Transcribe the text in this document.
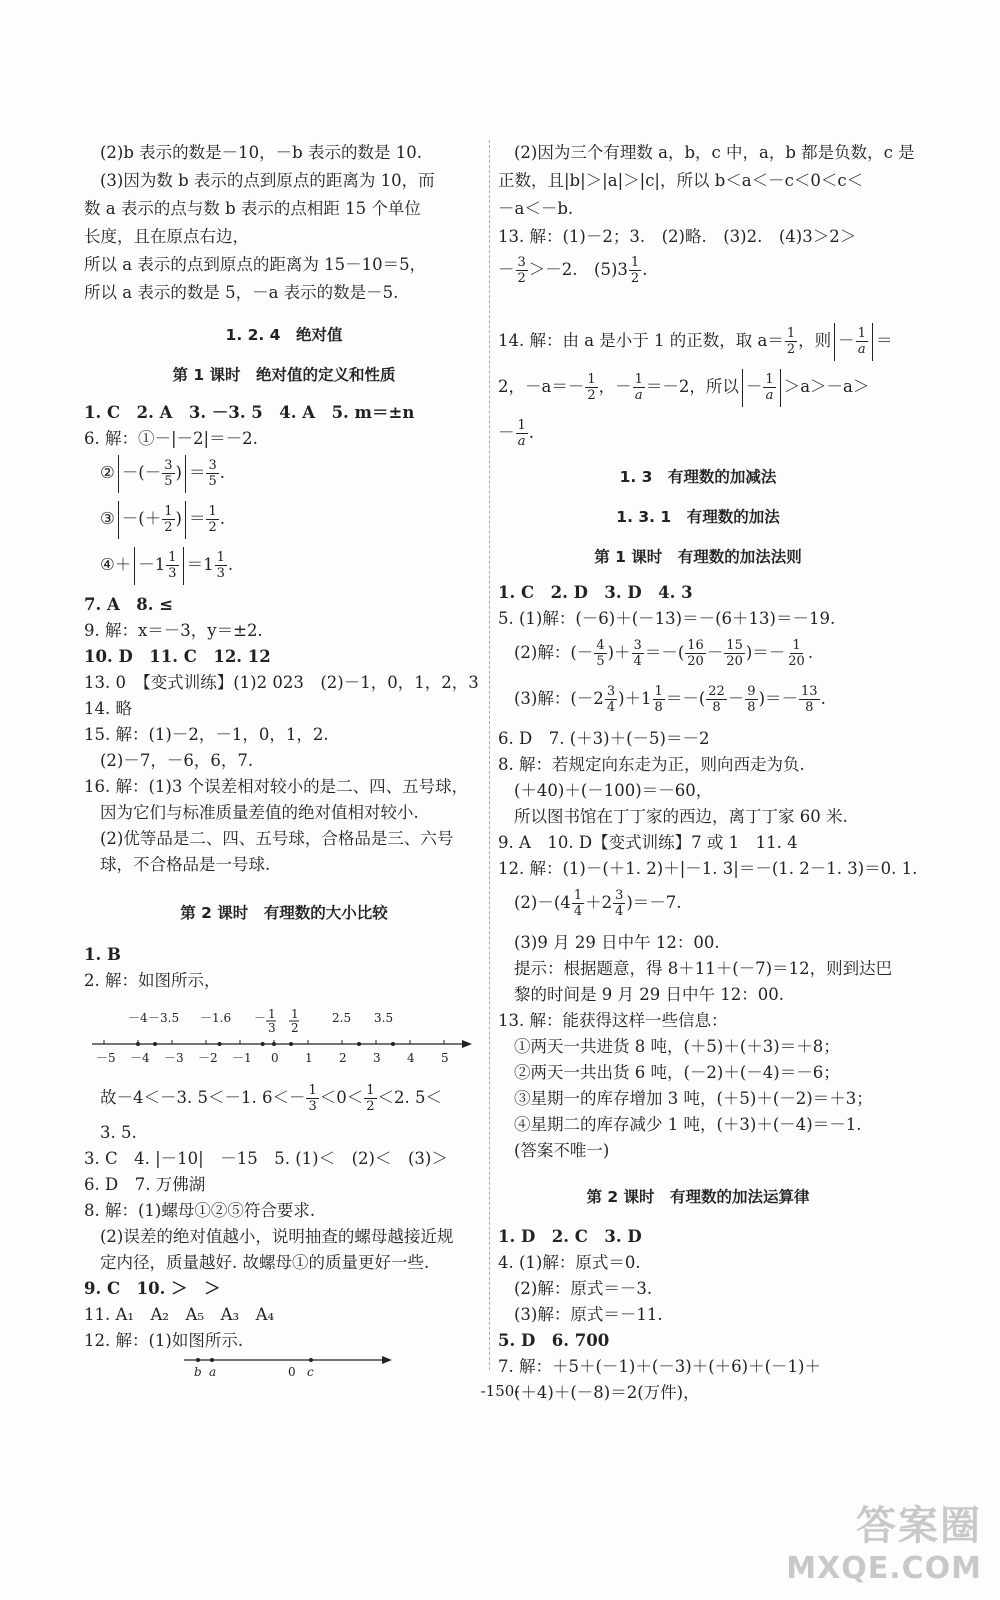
(2)b 表示的数是－10，－b 表示的数是 10.
(3)因为数 b 表示的点到原点的距离为 10，而
数 a 表示的点与数 b 表示的点相距 15 个单位
长度，且在原点右边，
所以 a 表示的点到原点的距离为 15－10＝5，
所以 a 表示的数是 5，－a 表示的数是－5.
1. 2. 4　绝对值
第 1 课时　绝对值的定义和性质
1. C　2. A　3. －3. 5　4. A　5. m＝±n
6. 解：①－|－2|＝－2.
② －(－ $\frac{3}{5}$ ) ＝ $\frac{3}{5}$ .
③ －(＋ $\frac{1}{2}$ ) ＝ $\frac{1}{2}$ .
④＋ $-1 \frac{1}{3} =1 \frac{1}{3}$ .
7. A　8. ≤
9. 解：x＝－3，y＝±2.
10. D　11. C　12. 12
13. 0　【变式训练】(1)2 023　(2)－1，0，1，2，3
14. 略
15. 解：(1)－2，－1，0，1，2.
(2)－7，－6，6，7.
16. 解：(1)3 个误差相对较小的是二、四、五号球，
因为它们与标准质量差值的绝对值相对较小.
(2)优等品是二、四、五号球，合格品是三、六号
球，不合格品是一号球.
第 2 课时　有理数的大小比较
1. B
2. 解：如图所示，
－5 －4 －3 －2 －1 0 1 2 3 4 5
－4 －3.5 －1.6 － 1
3
1
2
2.5 3.5
故－4＜－3. 5＜－1. $6<- \frac{1}{3} <0< \frac{1}{2} <2$. 5＜
3. 5.
3. C　4. |－10|　－15　5. (1)＜　(2)＜　(3)＞
6. D　7. 万佛湖
8. 解：(1)螺母①②⑤符合要求.
(2)误差的绝对值越小，说明抽查的螺母越接近规
定内径，质量越好. 故螺母①的质量更好一些.
9. C　10. ＞　＞
11. A₁　A₂　A₅　A₃　A₄
12. 解：(1)如图所示.
b a	0 c
(2)因为三个有理数 a，b，c 中，a，b 都是负数，c 是
正数，且|b|＞|a|＞|c|，所以 b＜a＜－c＜0＜c＜
－a＜－b.
13. 解：(1)－2；3.　(2)略.　(3)2.　(4)3＞2＞
－ $\frac{3}{2} >-2$.　$(5)3 \frac{1}{2}$ .
14. 解：由 a 是小于 1 的正数，取 $a= \frac{1}{2}$ ，则 － $\frac{1}{a}$ ＝
2，$-a=- \frac{1}{2}$ ，－ $\frac{1}{a} =-2$，所以 － $\frac{1}{a} >a>-a>$
－ $\frac{1}{a}$ .
1. 3　有理数的加减法
1. 3. 1　有理数的加法
第 1 课时　有理数的加法法则
1. C　2. D　3. D　4. 3
5. (1)解：(－6)＋(－13)＝－(6＋13)＝－19.
(2)解：(－ $\frac{4}{5}$ )＋ $\frac{3}{4}$ ＝－( $\frac{16}{20} - \frac{15}{20}$ )＝－ $\frac{1}{20}$ .
(3)解：$(-2 \frac{3}{4} )+1 \frac{1}{8}$ ＝－( $\frac{22}{8} - \frac{9}{8}$ )＝－ $\frac{13}{8}$ .
6. D　7. (＋3)＋(－5)＝－2
8. 解：若规定向东走为正，则向西走为负.
(＋40)＋(－100)＝－60，
所以图书馆在丁丁家的西边，离丁丁家 60 米.
9. A　10. D【变式训练】7 或 1　11. 4
12. 解：(1)－(＋1. 2)＋|－1. 3|＝－(1. 2－1. 3)＝0. 1.
$(2)-(4 \frac{1}{4} +2 \frac{3}{4} )=-7$.
(3)9 月 29 日中午 12：00.
提示：根据题意，得 8＋11＋(－7)＝12，则到达巴
黎的时间是 9 月 29 日中午 12：00.
13. 解：能获得这样一些信息：
①两天一共进货 8 吨，(＋5)＋(＋3)＝＋8；
②两天一共出货 6 吨，(－2)＋(－4)＝－6；
③星期一的库存增加 3 吨，(＋5)＋(－2)＝＋3；
④星期二的库存减少 1 吨，(＋3)＋(－4)＝－1.
(答案不唯一)
第 2 课时　有理数的加法运算律
1. D　2. C　3. D
4. (1)解：原式＝0.
(2)解：原式＝－3.
(3)解：原式＝－11.
5. D　6. 700
7. 解：＋5＋(－1)＋(－3)＋(＋6)＋(－1)＋
(＋4)＋(－8)＝2(万件)，
-150-
答案圈
MXQE.COM
